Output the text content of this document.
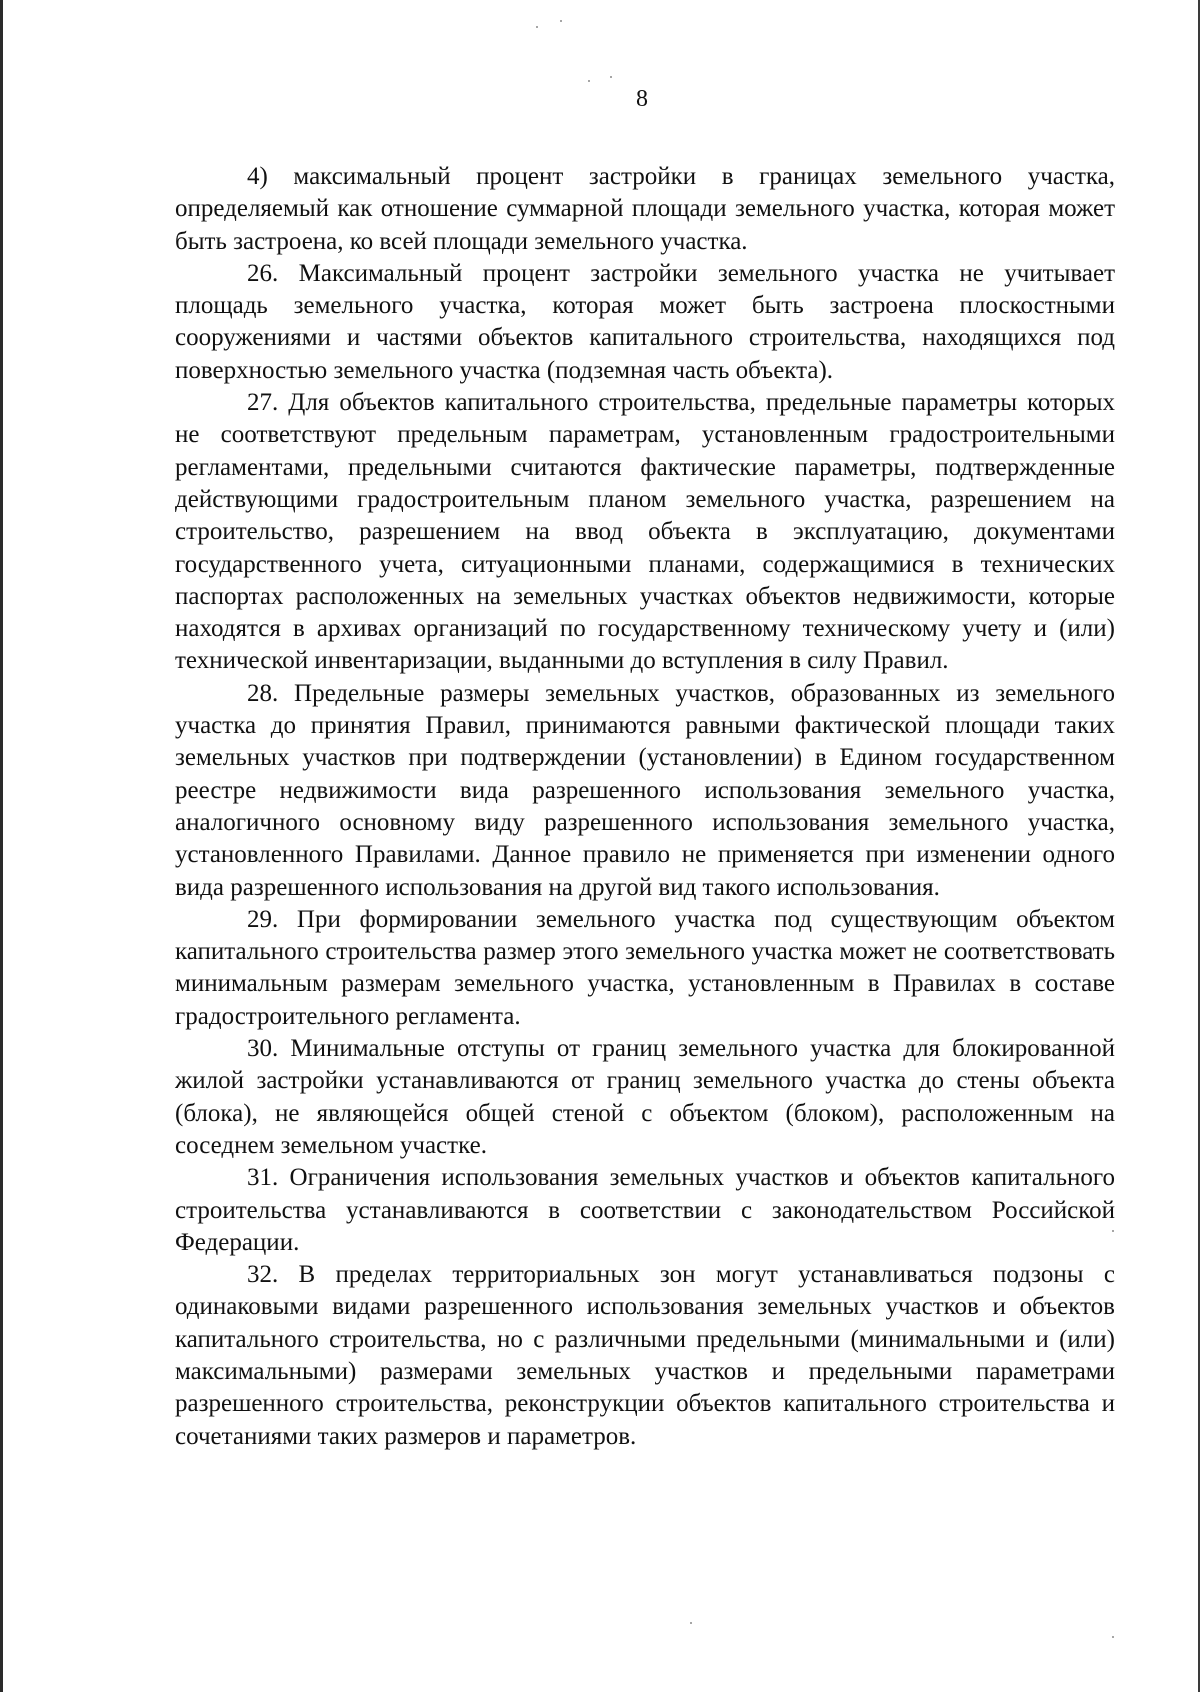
8

4) максимальный процент застройки в границах земельного участка, определяемый как отношение суммарной площади земельного участка, которая может быть застроена, ко всей площади земельного участка.

26. Максимальный процент застройки земельного участка не учитывает площадь земельного участка, которая может быть застроена плоскостными сооружениями и частями объектов капитального строительства, находящихся под поверхностью земельного участка (подземная часть объекта).

27. Для объектов капитального строительства, предельные параметры которых не соответствуют предельным параметрам, установленным градостроительными регламентами, предельными считаются фактические параметры, подтвержденные действующими градостроительным планом земельного участка, разрешением на строительство, разрешением на ввод объекта в эксплуатацию, документами государственного учета, ситуационными планами, содержащимися в технических паспортах расположенных на земельных участках объектов недвижимости, которые находятся в архивах организаций по государственному техническому учету и (или) технической инвентаризации, выданными до вступления в силу Правил.

28. Предельные размеры земельных участков, образованных из земельного участка до принятия Правил, принимаются равными фактической площади таких земельных участков при подтверждении (установлении) в Едином государственном реестре недвижимости вида разрешенного использования земельного участка, аналогичного основному виду разрешенного использования земельного участка, установленного Правилами. Данное правило не применяется при изменении одного вида разрешенного использования на другой вид такого использования.

29. При формировании земельного участка под существующим объектом капитального строительства размер этого земельного участка может не соответствовать минимальным размерам земельного участка, установленным в Правилах в составе градостроительного регламента.

30. Минимальные отступы от границ земельного участка для блокированной жилой застройки устанавливаются от границ земельного участка до стены объекта (блока), не являющейся общей стеной с объектом (блоком), расположенным на соседнем земельном участке.

31. Ограничения использования земельных участков и объектов капитального строительства устанавливаются в соответствии с законодательством Российской Федерации.

32. В пределах территориальных зон могут устанавливаться подзоны с одинаковыми видами разрешенного использования земельных участков и объектов капитального строительства, но с различными предельными (минимальными и (или) максимальными) размерами земельных участков и предельными параметрами разрешенного строительства, реконструкции объектов капитального строительства и сочетаниями таких размеров и параметров.
